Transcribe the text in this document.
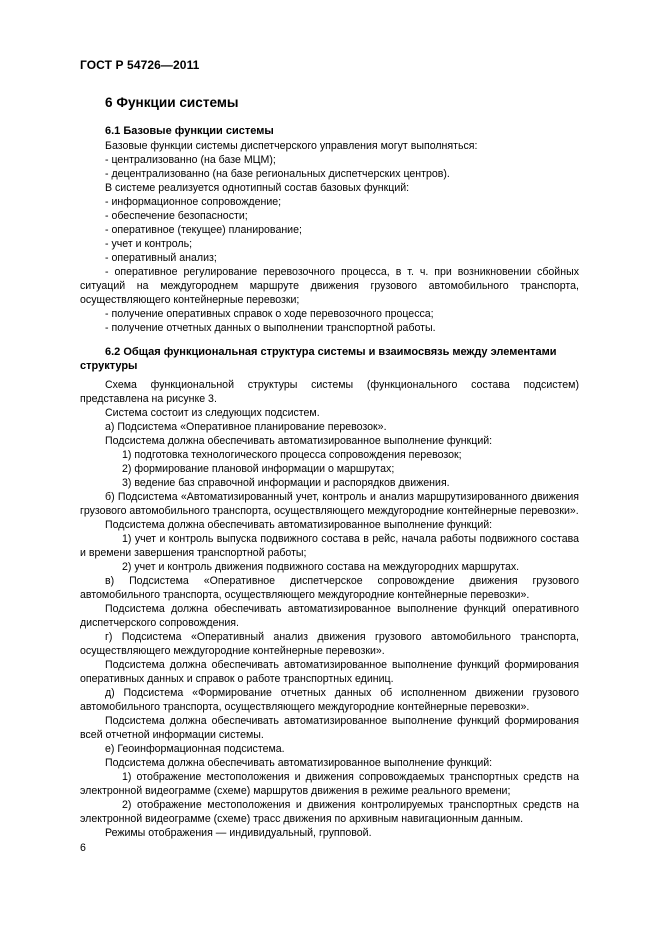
ГОСТ Р 54726—2011
6 Функции системы
6.1 Базовые функции системы

Базовые функции системы диспетчерского управления могут выполняться:

- централизованно (на базе МЦМ);

- децентрализованно (на базе региональных диспетчерских центров).

В системе реализуется однотипный состав базовых функций:

- информационное сопровождение;

- обеспечение безопасности;

- оперативное (текущее) планирование;

- учет и контроль;

- оперативный анализ;

- оперативное регулирование перевозочного процесса, в т. ч. при возникновении сбойных ситуаций на междугороднем маршруте движения грузового автомобильного транспорта, осуществляющего контейнерные перевозки;

- получение оперативных справок о ходе перевозочного процесса;

- получение отчетных данных о выполнении транспортной работы.

6.2 Общая функциональная структура системы и взаимосвязь между элементами структуры

Схема функциональной структуры системы (функционального состава подсистем) представлена на рисунке 3.

Система состоит из следующих подсистем.

а) Подсистема «Оперативное планирование перевозок».

Подсистема должна обеспечивать автоматизированное выполнение функций:

1) подготовка технологического процесса сопровождения перевозок;

2) формирование плановой информации о маршрутах;

3) ведение баз справочной информации и распорядков движения.

б) Подсистема «Автоматизированный учет, контроль и анализ маршрутизированного движения грузового автомобильного транспорта, осуществляющего междугородние контейнерные перевозки».

Подсистема должна обеспечивать автоматизированное выполнение функций:

1) учет и контроль выпуска подвижного состава в рейс, начала работы подвижного состава и времени завершения транспортной работы;

2) учет и контроль движения подвижного состава на междугородних маршрутах.

в) Подсистема «Оперативное диспетчерское сопровождение движения грузового автомобильного транспорта, осуществляющего междугородние контейнерные перевозки».

Подсистема должна обеспечивать автоматизированное выполнение функций оперативного диспетчерского сопровождения.

г) Подсистема «Оперативный анализ движения грузового автомобильного транспорта, осуществляющего междугородние контейнерные перевозки».

Подсистема должна обеспечивать автоматизированное выполнение функций формирования оперативных данных и справок о работе транспортных единиц.

д) Подсистема «Формирование отчетных данных об исполненном движении грузового автомобильного транспорта, осуществляющего междугородние контейнерные перевозки».

Подсистема должна обеспечивать автоматизированное выполнение функций формирования всей отчетной информации системы.

е) Геоинформационная подсистема.

Подсистема должна обеспечивать автоматизированное выполнение функций:

1) отображение местоположения и движения сопровождаемых транспортных средств на электронной видеограмме (схеме) маршрутов движения в режиме реального времени;

2) отображение местоположения и движения контролируемых транспортных средств на электронной видеограмме (схеме) трасс движения по архивным навигационным данным.

Режимы отображения — индивидуальный, групповой.

6
